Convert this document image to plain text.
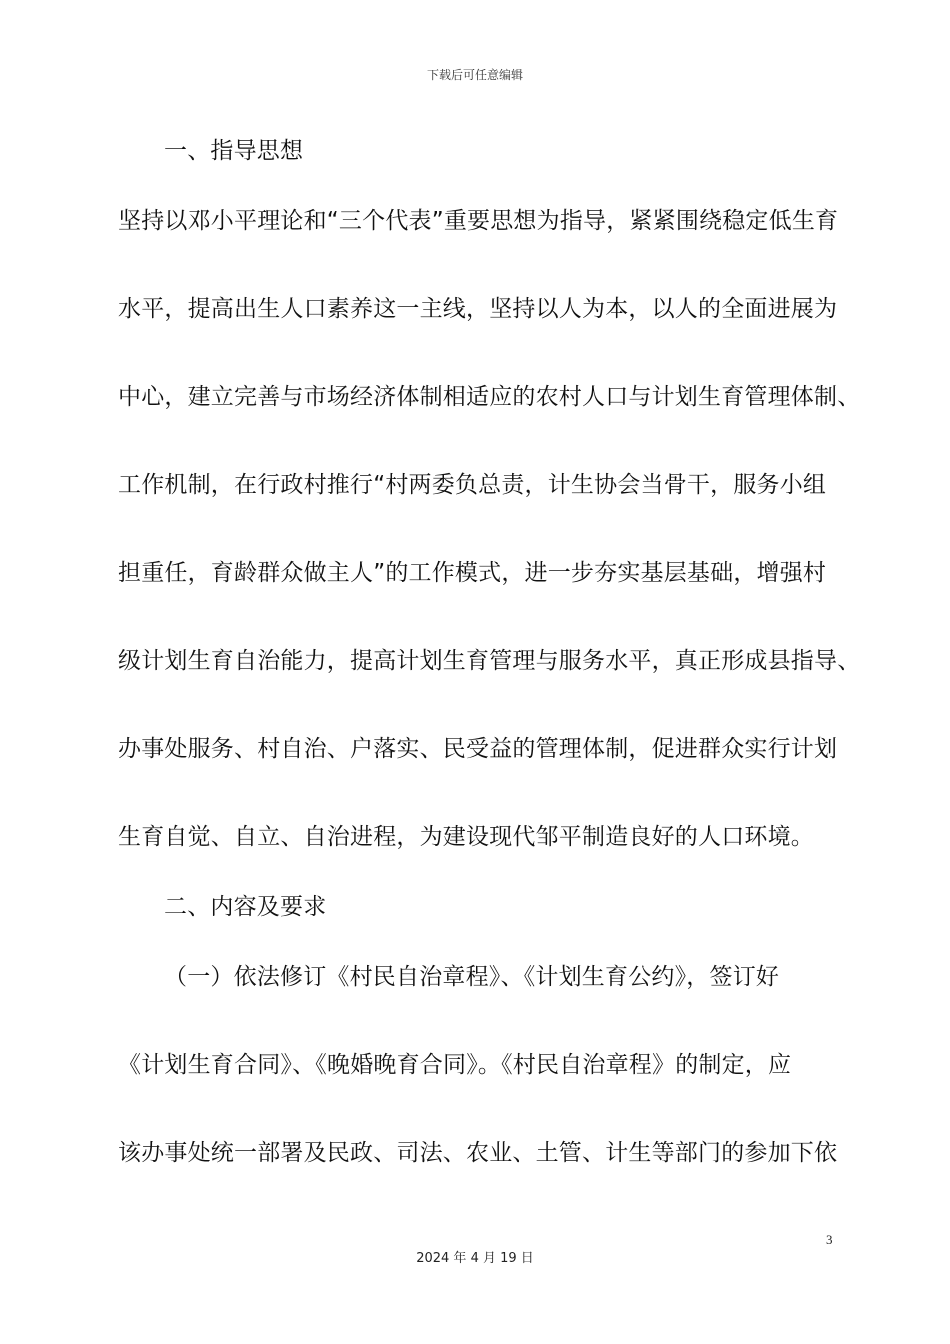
下载后可任意编辑
一、指导思想
坚持以邓小平理论和“三个代表”重要思想为指导，紧紧围绕稳定低生育
水平，提高出生人口素养这一主线，坚持以人为本，以人的全面进展为
中心，建立完善与市场经济体制相适应的农村人口与计划生育管理体制、
工作机制，在行政村推行“村两委负总责，计生协会当骨干，服务小组
担重任，育龄群众做主人”的工作模式，进一步夯实基层基础，增强村
级计划生育自治能力，提高计划生育管理与服务水平，真正形成县指导、
办事处服务、村自治、户落实、民受益的管理体制，促进群众实行计划
生育自觉、自立、自治进程，为建设现代邹平制造良好的人口环境。
二、内容及要求
（一）依法修订《村民自治章程》、《计划生育公约》，签订好
《计划生育合同》、《晚婚晚育合同》。《村民自治章程》的制定，应
该办事处统一部署及民政、司法、农业、土管、计生等部门的参加下依
3
2024 年 4 月 19 日
